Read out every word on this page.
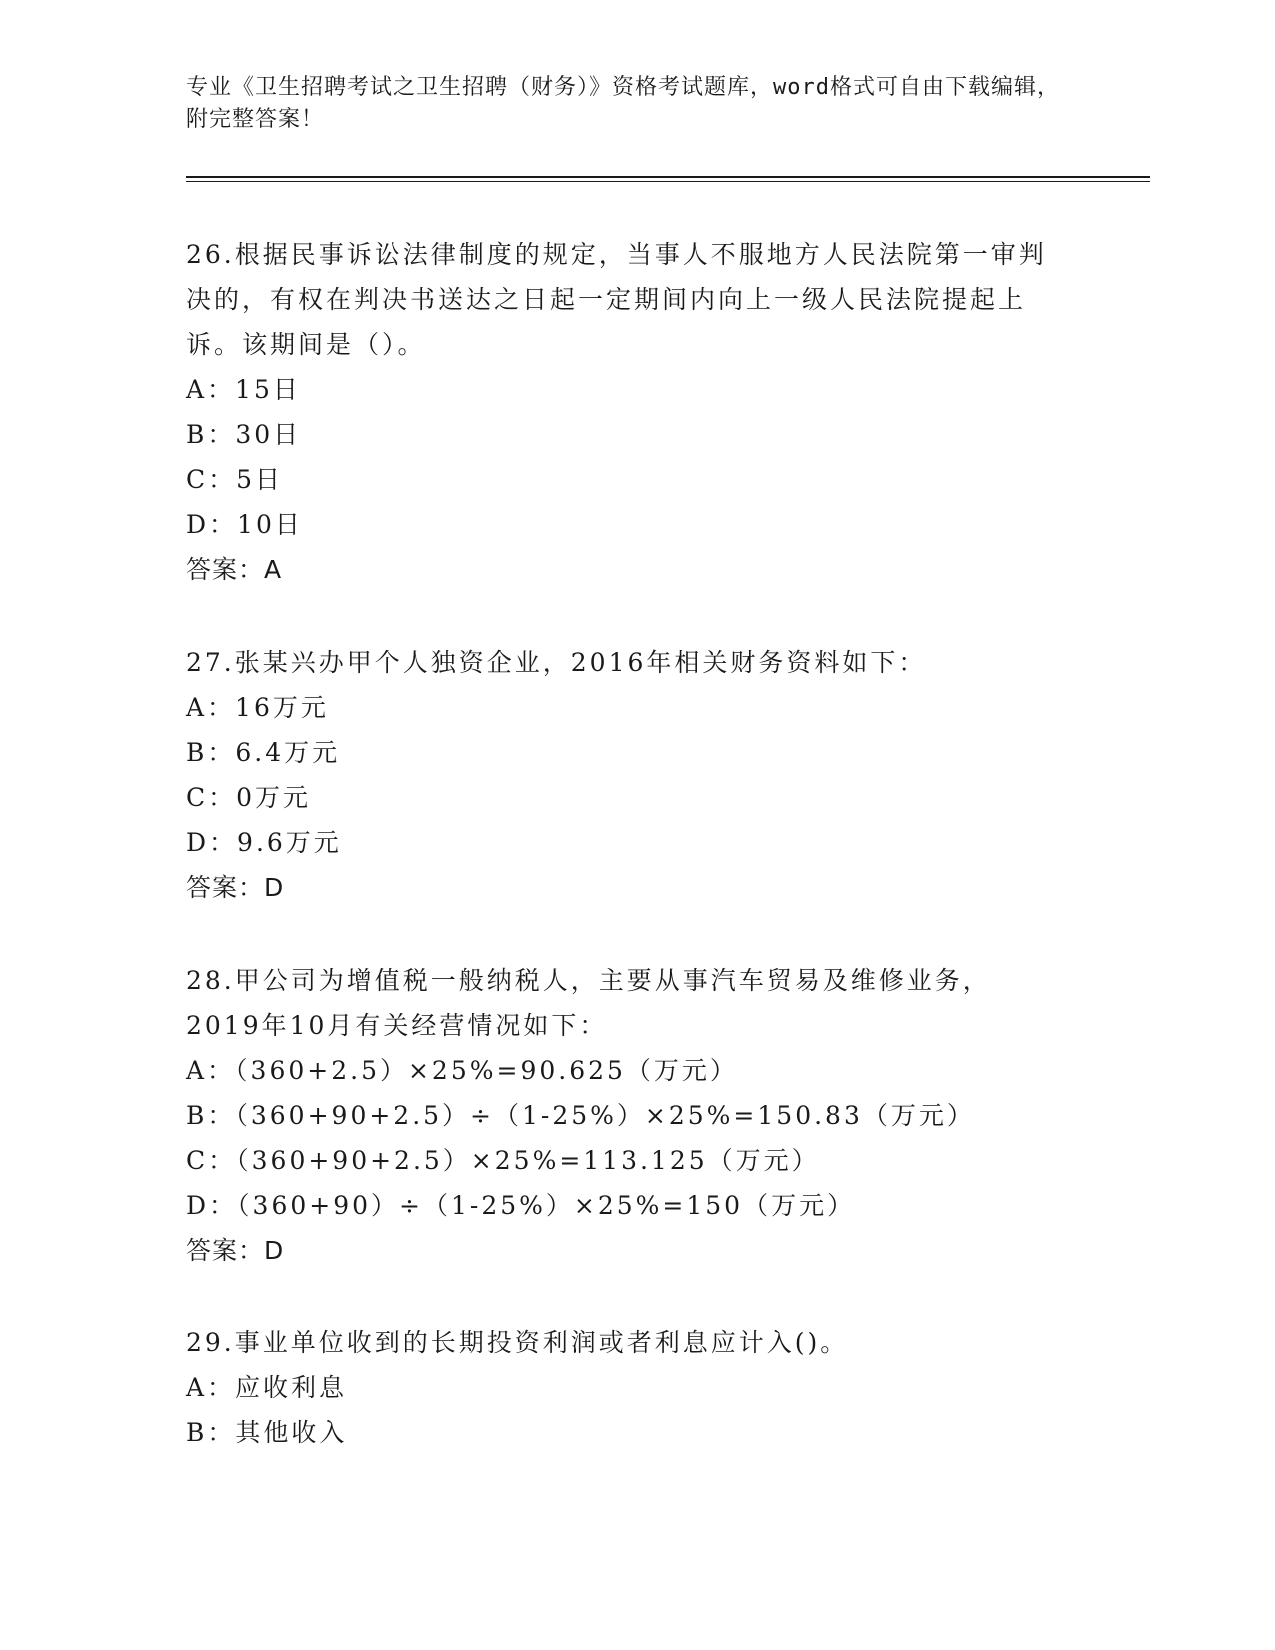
专业《卫生招聘考试之卫生招聘（财务）》资格考试题库，word格式可自由下载编辑，附完整答案！

26.根据民事诉讼法律制度的规定，当事人不服地方人民法院第一审判决的，有权在判决书送达之日起一定期间内向上一级人民法院提起上诉。该期间是（）。

A：15日

B：30日

C：5日

D：10日

答案：A

27.张某兴办甲个人独资企业，2016年相关财务资料如下：

A：16万元

B：6.4万元

C：0万元

D：9.6万元

答案：D

28.甲公司为增值税一般纳税人，主要从事汽车贸易及维修业务，2019年10月有关经营情况如下：

A：（360+2.5）×25%=90.625（万元）

B：（360+90+2.5）÷（1-25%）×25%=150.83（万元）

C：（360+90+2.5）×25%=113.125（万元）

D：（360+90）÷（1-25%）×25%=150（万元）

答案：D

29.事业单位收到的长期投资利润或者利息应计入()。

A：应收利息

B：其他收入
